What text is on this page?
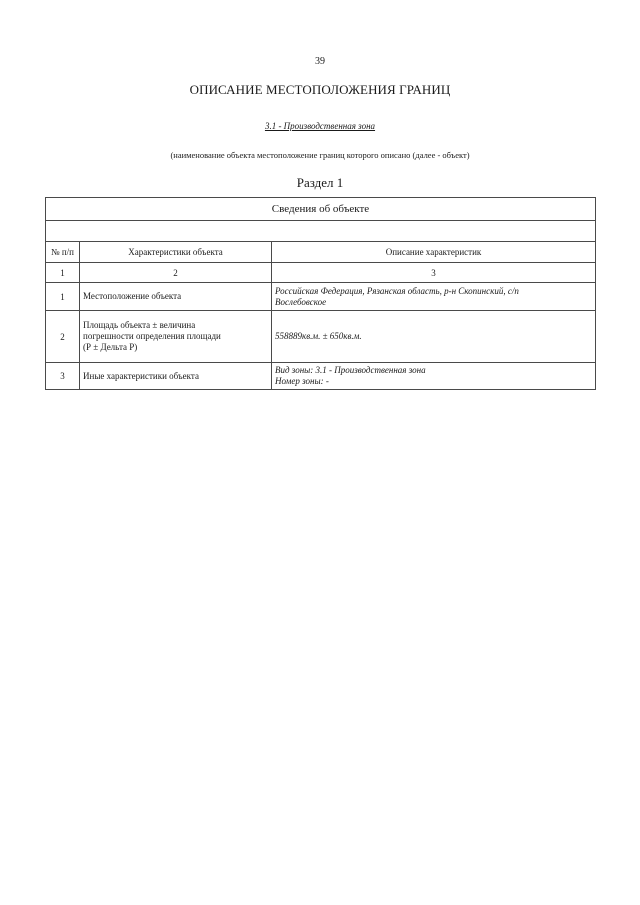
39
ОПИСАНИЕ МЕСТОПОЛОЖЕНИЯ ГРАНИЦ
3.1 - Производственная зона
(наименование объекта местоположение границ которого описано (далее - объект)
Раздел 1
Сведения об объекте		

№ п/п	Характеристики объекта	Описание характеристик
1	2	3
1	Местоположение объекта	Российская Федерация, Рязанская область, р-н Скопинский, с/п
Вослебовское

2	Площадь объекта ± величина
погрешности определения площади
(Р ± Дельта Р)	558889кв.м. ± 650кв.м.

3	Иные характеристики объекта	Вид зоны: 3.1 - Производственная зона
Номер зоны: -
